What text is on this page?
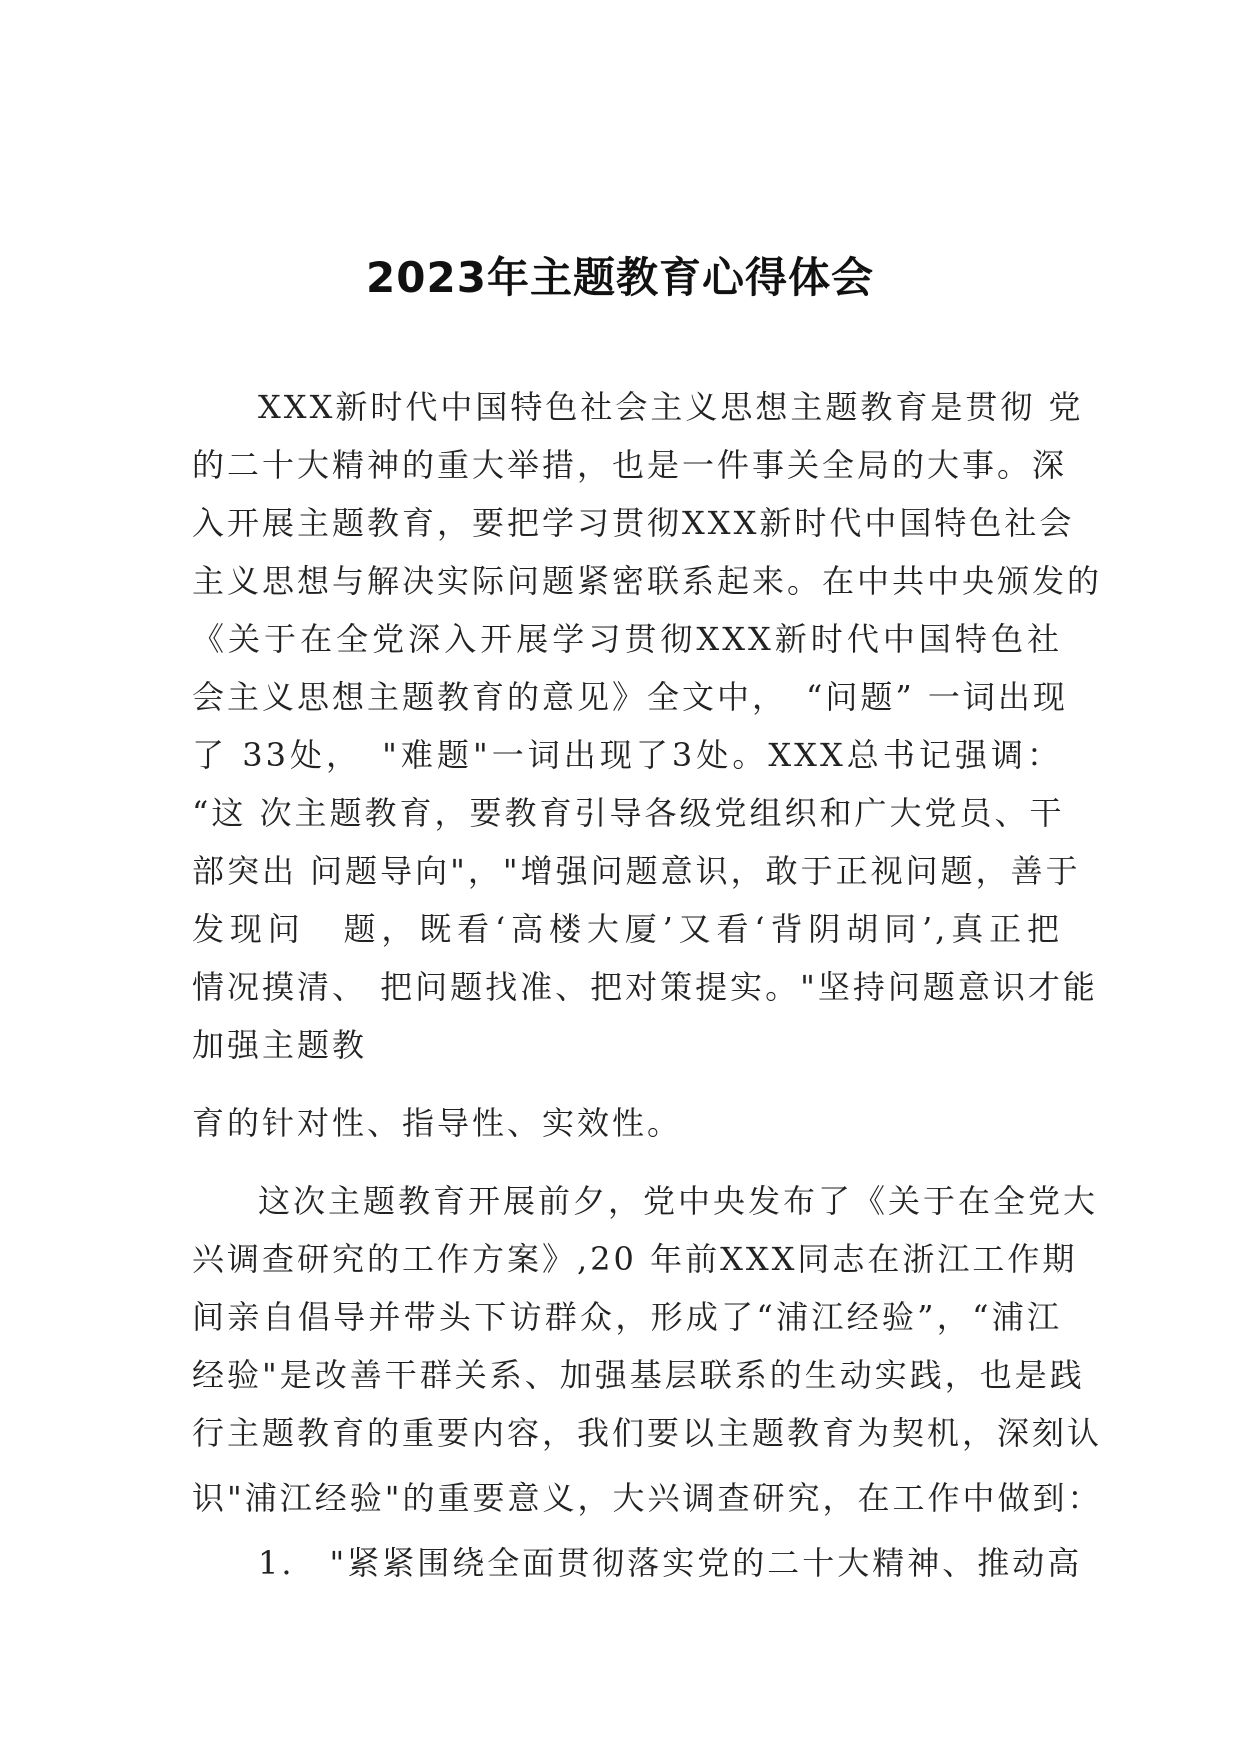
2023年主题教育心得体会
XXX新时代中国特色社会主义思想主题教育是贯彻 党
的二十大精神的重大举措，也是一件事关全局的大事。深
入开展主题教育，要把学习贯彻XXX新时代中国特色社会
主义思想与解决实际问题紧密联系起来。在中共中央颁发的
《关于在全党深入开展学习贯彻XXX新时代中国特色社
会主义思想主题教育的意见》全文中，　“问题” 一词出现
了 33处，　"难题"一词出现了3处。XXX总书记强调：
“这 次主题教育，要教育引导各级党组织和广大党员、干
部突出 问题导向"，"增强问题意识，敢于正视问题，善于
发现问　题，既看‘高楼大厦’又看‘背阴胡同’,真正把
情况摸清、 把问题找准、把对策提实。"坚持问题意识才能
加强主题教
育的针对性、指导性、实效性。
这次主题教育开展前夕，党中央发布了《关于在全党大
兴调查研究的工作方案》,20 年前XXX同志在浙江工作期
间亲自倡导并带头下访群众，形成了“浦江经验”，“浦江
经验"是改善干群关系、加强基层联系的生动实践，也是践
行主题教育的重要内容，我们要以主题教育为契机，深刻认
识"浦江经验"的重要意义，大兴调查研究，在工作中做到：
1.　"紧紧围绕全面贯彻落实党的二十大精神、推动高
